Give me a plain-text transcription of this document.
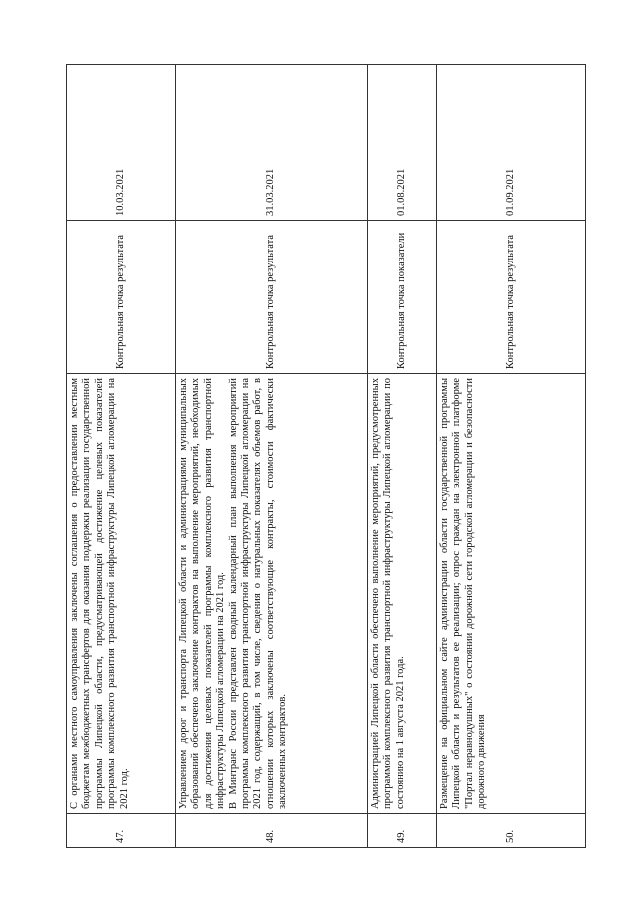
47.	С органами местного самоуправления заключены соглашения о предоставлении местным бюджетам межбюджетных трансфертов для оказания поддержки реализации государственной программы Липецкой области, предусматривающей достижение целевых показателей программы комплексного развития транспортной инфраструктуры Липецкой агломерации на 2021 год.	Контрольная точка результата	10.03.2021
48.	Управлением дорог и транспорта Липецкой области и администрациями муниципальных образований обеспечено заключение контрактов на выполнение мероприятий, необходимых для достижения целевых показателей программы комплексного развития транспортной инфраструктуры Липецкой агломерации на 2021 год. В Минтранс России представлен сводный календарный план выполнения мероприятий программы комплексного развития транспортной инфраструктуры Липецкой агломерации на 2021 год, содержащий, в том числе, сведения о натуральных показателях объемов работ, в отношении которых заключены соответствующие контракты, стоимости фактически заключенных контрактов.	Контрольная точка результата	31.03.2021
49.	Администрацией Липецкой области обеспечено выполнение мероприятий, предусмотренных программой комплексного развития транспортной инфраструктуры Липецкой агломерации по состоянию на 1 августа 2021 года.	Контрольная точка показатели	01.08.2021
50.	Размещение на официальном сайте администрации области государственной программы Липецкой области и результатов ее реализации; опрос граждан на электронной платформе "Портал неравнодушных" о состоянии дорожной сети городской агломерации и безопасности дорожного движения	Контрольная точка результата	01.09.2021
